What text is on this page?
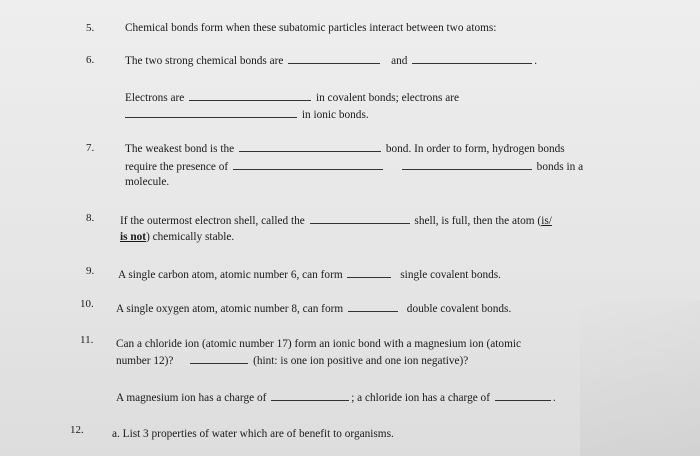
5.	Chemical bonds form when these subatomic particles interact between two atoms:
6.	The two strong chemical bonds are	and	.
Electrons are	in covalent bonds; electrons are
in ionic bonds.
7.	The weakest bond is the	bond. In order to form, hydrogen bonds
require the presence of	bonds in a
molecule.
8. If the outermost electron shell, called the	shell, is full, then the atom (is/
is not) chemically stable.
9. A single carbon atom, atomic number 6, can form	single covalent bonds.
10. A single oxygen atom, atomic number 8, can form	double covalent bonds.
11. Can a chloride ion (atomic number 17) form an ionic bond with a magnesium ion (atomic
number 12)?	(hint: is one ion positive and one ion negative)?
A magnesium ion has a charge of	; a chloride ion has a charge of	.
12.	a. List 3 properties of water which are of benefit to organisms.
